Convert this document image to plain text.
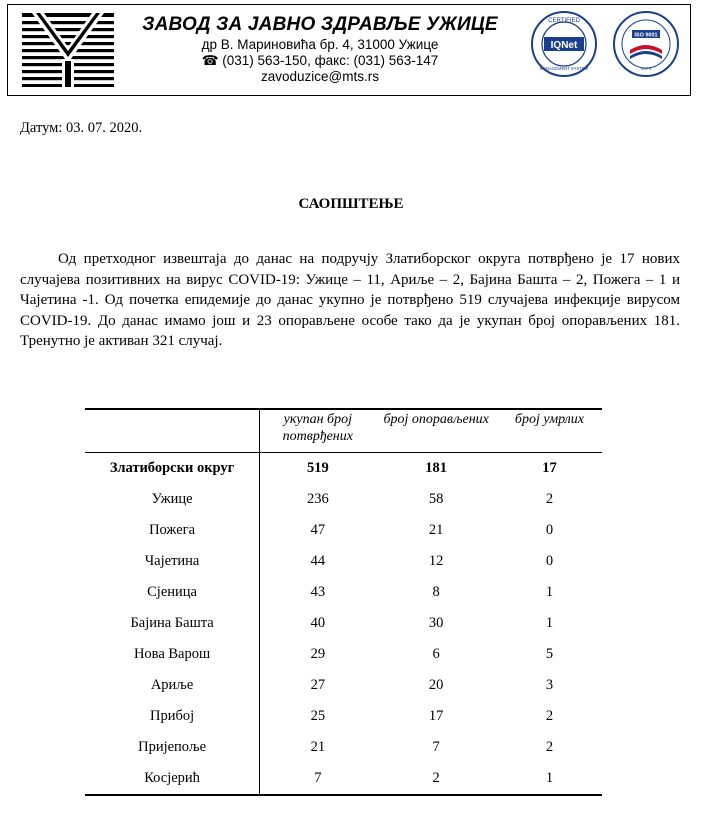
ЗАВОД ЗА ЈАВНО ЗДРАВЉЕ УЖИЦЕ
др В. Мариновића бр. 4, 31000 Ужице
☎ (031) 563-150, факс: (031) 563-147
zavoduzice@mts.rs
IQNet
CERTIFIED
MANAGEMENT SYSTEM
ISO 9001
SRPS
Датум: 03. 07. 2020.
САОПШТЕЊЕ

Од претходног извештаја до данас на подручју Златиборског округа потврђено је 17 нових случајева позитивних на вирус COVID-19: Ужице – 11, Ариље – 2, Бајина Башта – 2, Пожега – 1 и Чајетина -1. Од почетка епидемије до данас укупно је потврђено 519 случајева инфекције вирусом COVID-19. До данас имамо још и 23 опорављене особе тако да је укупан број опорављених 181. Тренутно је активан 321 случај.

	укупан број потврђених	број опорављених	број умрлих
Златиборски округ	519	181	17
Ужице	236	58	2
Пожега	47	21	0
Чајетина	44	12	0
Сјеница	43	8	1
Бајина Башта	40	30	1
Нова Варош	29	6	5
Ариље	27	20	3
Прибој	25	17	2
Пријепоље	21	7	2
Косјерић	7	2	1
